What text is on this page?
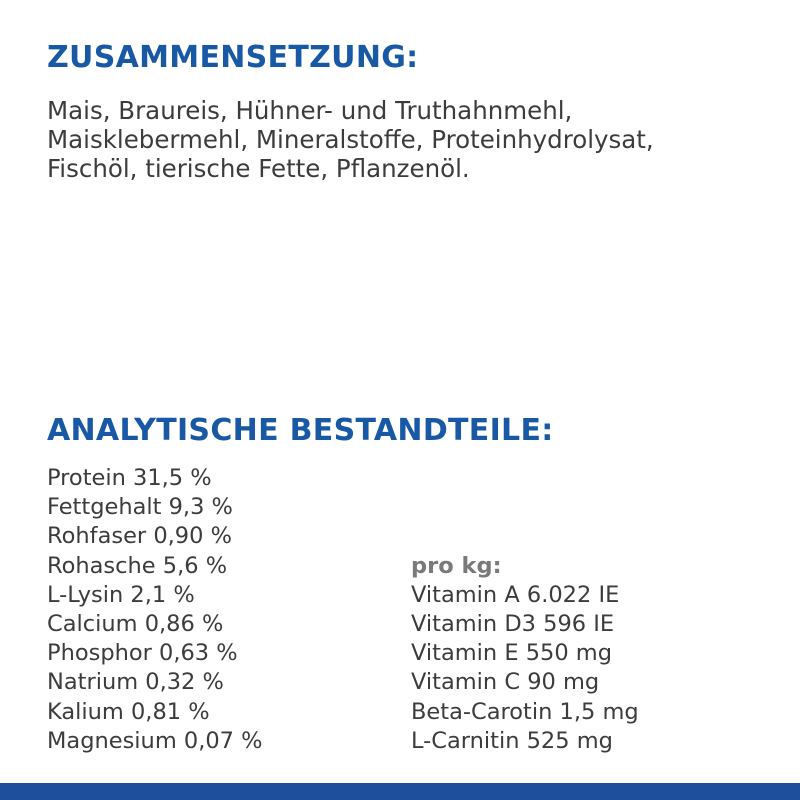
ZUSAMMENSETZUNG:
Mais, Braureis, Hühner- und Truthahnmehl,
Maisklebermehl, Mineralstoffe, Proteinhydrolysat,
Fischöl, tierische Fette, Pflanzenöl.
ANALYTISCHE BESTANDTEILE:
Protein 31,5 %
Fettgehalt 9,3 %
Rohfaser 0,90 %
Rohasche 5,6 %
L-Lysin 2,1 %
Calcium 0,86 %
Phosphor 0,63 %
Natrium 0,32 %
Kalium 0,81 %
Magnesium 0,07 %
pro kg:
Vitamin A 6.022 IE
Vitamin D3 596 IE
Vitamin E 550 mg
Vitamin C 90 mg
Beta-Carotin 1,5 mg
L-Carnitin 525 mg
